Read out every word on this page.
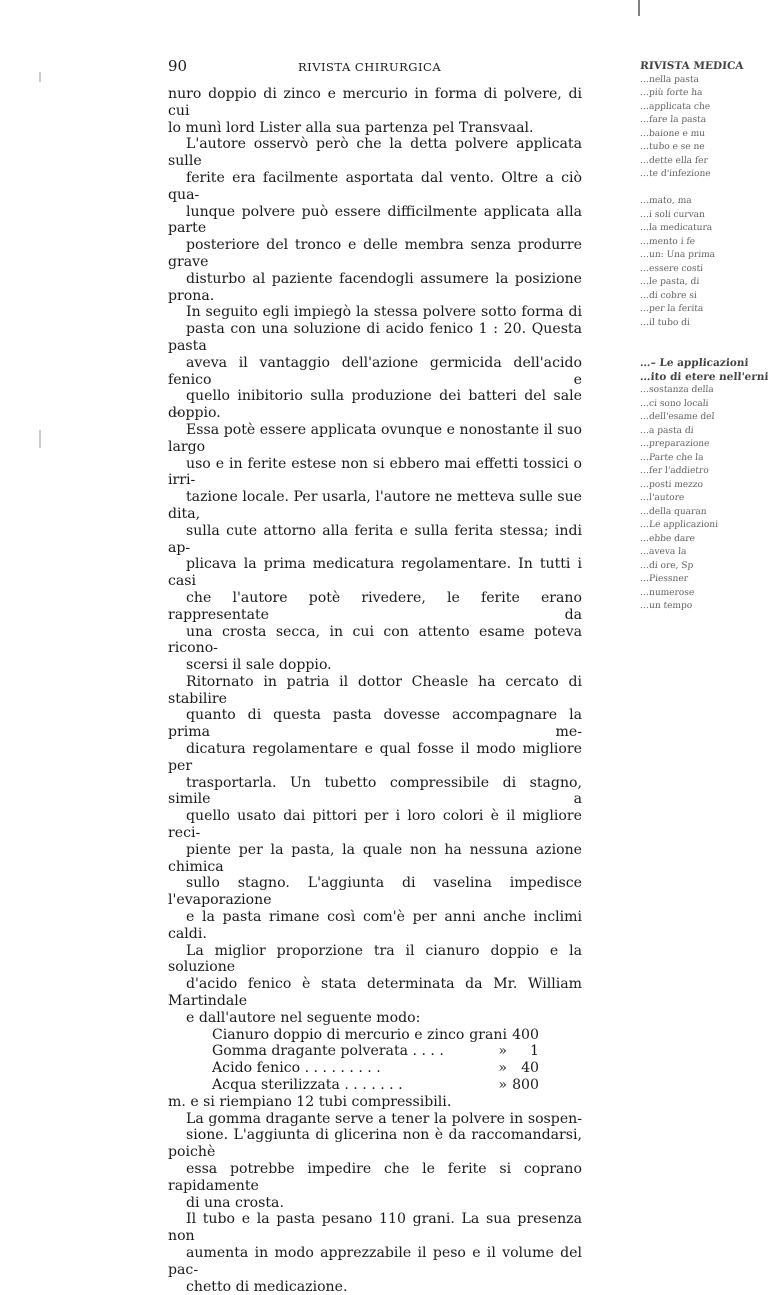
90	RIVISTA CHIRURGICA
nuro doppio di zinco e mercurio in forma di polvere, di cui
lo munì lord Lister alla sua partenza pel Transvaal.
L'autore osservò però che la detta polvere applicata sulle
ferite era facilmente asportata dal vento. Oltre a ciò qua-
lunque polvere può essere difficilmente applicata alla parte
posteriore del tronco e delle membra senza produrre grave
disturbo al paziente facendogli assumere la posizione prona.
In seguito egli impiegò la stessa polvere sotto forma di
pasta con una soluzione di acido fenico 1 : 20. Questa pasta
aveva il vantaggio dell'azione germicida dell'acido fenico e
quello inibitorio sulla produzione dei batteri del sale doppio.
Essa potè essere applicata ovunque e nonostante il suo largo
uso e in ferite estese non si ebbero mai effetti tossici o irri-
tazione locale. Per usarla, l'autore ne metteva sulle sue dita,
sulla cute attorno alla ferita e sulla ferita stessa; indi ap-
plicava la prima medicatura regolamentare. In tutti i casi
che l'autore potè rivedere, le ferite erano rappresentate da
una crosta secca, in cui con attento esame poteva ricono-
scersi il sale doppio.
Ritornato in patria il dottor Cheasle ha cercato di stabilire
quanto di questa pasta dovesse accompagnare la prima me-
dicatura regolamentare e qual fosse il modo migliore per
trasportarla. Un tubetto compressibile di stagno, simile a
quello usato dai pittori per i loro colori è il migliore reci-
piente per la pasta, la quale non ha nessuna azione chimica
sullo stagno. L'aggiunta di vaselina impedisce l'evaporazione
e la pasta rimane così com'è per anni anche inclimi caldi.
La miglior proporzione tra il cianuro doppio e la soluzione
d'acido fenico è stata determinata da Mr. William Martindale
e dall'autore nel seguente modo:
Cianuro doppio di mercurio e zinco grani 400
Gomma dragante polverata . . . .	»	1
Acido fenico . . . . . . . . .	» 40
Acqua sterilizzata . . . . . . .	» 800
m. e si riempiano 12 tubi compressibili.
La gomma dragante serve a tener la polvere in sospen-
sione. L'aggiunta di glicerina non è da raccomandarsi, poichè
essa potrebbe impedire che le ferite si coprano rapidamente
di una crosta.
Il tubo e la pasta pesano 110 grani. La sua presenza non
aumenta in modo apprezzabile il peso e il volume del pac-
chetto di medicazione.
RIVISTA MEDICA
…nella pasta
…più forte ha
…applicata che
…fare la pasta
…baione e mu
…tubo e se ne
…dette ella fer
…te d'infezione

…mato, ma
…i soli curvan
…la medicatura
…mento i fe
…un: Una prima
…essere costi
…le pasta, di
…di cobre si
…per la ferita
…il tubo di

…– Le applicazioni
…ito di etere nell'erni
…sostanza della
…ci sono locali
…dell'esame del
…a pasta di
…preparazione
…Parte che la
…fer l'addietro
…posti mezzo
…l'autore
…della quaran
…Le applicazioni
…ebbe dare
…aveva la
…di ore, Sp
…Piessner
…numerose
…un tempo
